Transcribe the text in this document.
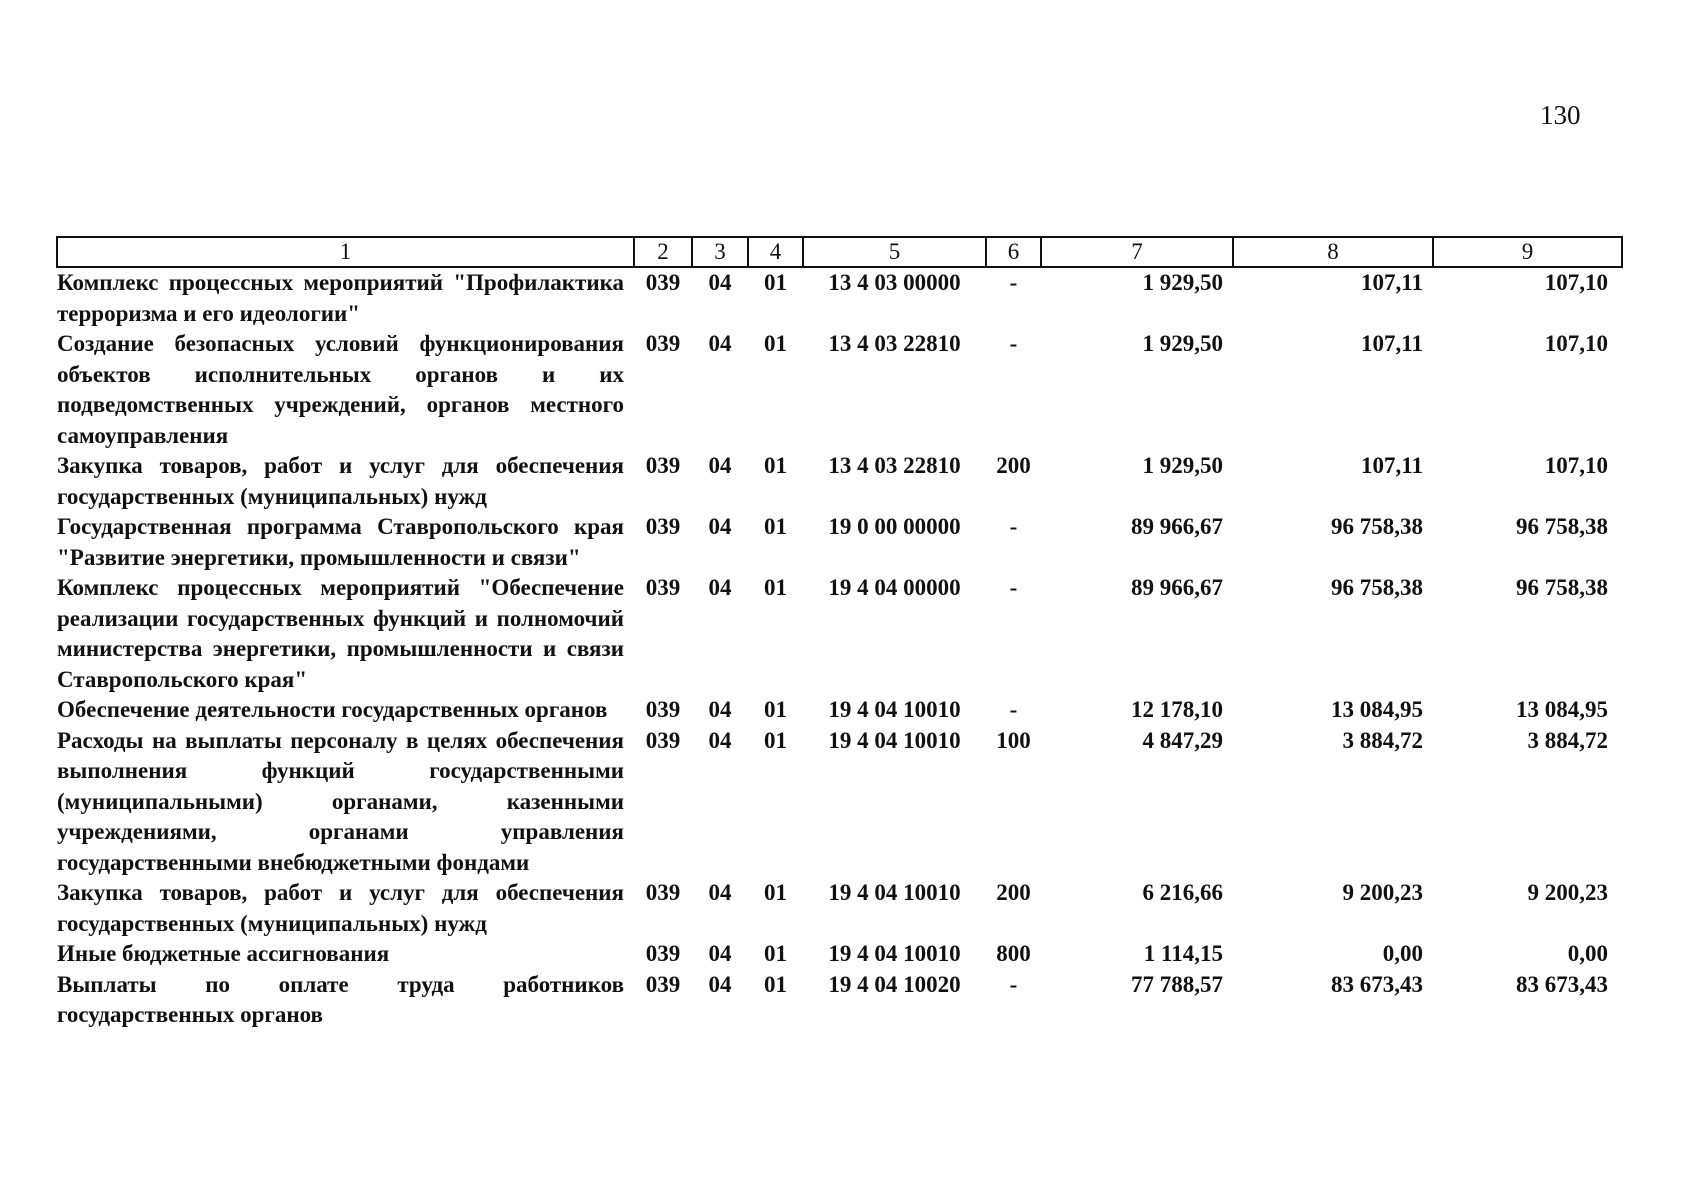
130
1	2	3	4	5	6	7	8	9
Комплекс процессных мероприятий "Профилактика терроризма и его идеологии"	039	04	01	13 4 03 00000	-	1 929,50	107,11	107,10
Создание безопасных условий функционирования объектов исполнительных органов и их подведомственных учреждений, органов местного самоуправления	039	04	01	13 4 03 22810	-	1 929,50	107,11	107,10
Закупка товаров, работ и услуг для обеспечения государственных (муниципальных) нужд	039	04	01	13 4 03 22810	200	1 929,50	107,11	107,10
Государственная программа Ставропольского края "Развитие энергетики, промышленности и связи"	039	04	01	19 0 00 00000	-	89 966,67	96 758,38	96 758,38
Комплекс процессных мероприятий "Обеспечение реализации государственных функций и полномочий министерства энергетики, промышленности и связи Ставропольского края"	039	04	01	19 4 04 00000	-	89 966,67	96 758,38	96 758,38
Обеспечение деятельности государственных органов	039	04	01	19 4 04 10010	-	12 178,10	13 084,95	13 084,95
Расходы на выплаты персоналу в целях обеспечения выполнения функций государственными (муниципальными) органами, казенными учреждениями, органами управления государственными внебюджетными фондами	039	04	01	19 4 04 10010	100	4 847,29	3 884,72	3 884,72
Закупка товаров, работ и услуг для обеспечения государственных (муниципальных) нужд	039	04	01	19 4 04 10010	200	6 216,66	9 200,23	9 200,23
Иные бюджетные ассигнования	039	04	01	19 4 04 10010	800	1 114,15	0,00	0,00
Выплаты по оплате труда работников государственных органов	039	04	01	19 4 04 10020	-	77 788,57	83 673,43	83 673,43
